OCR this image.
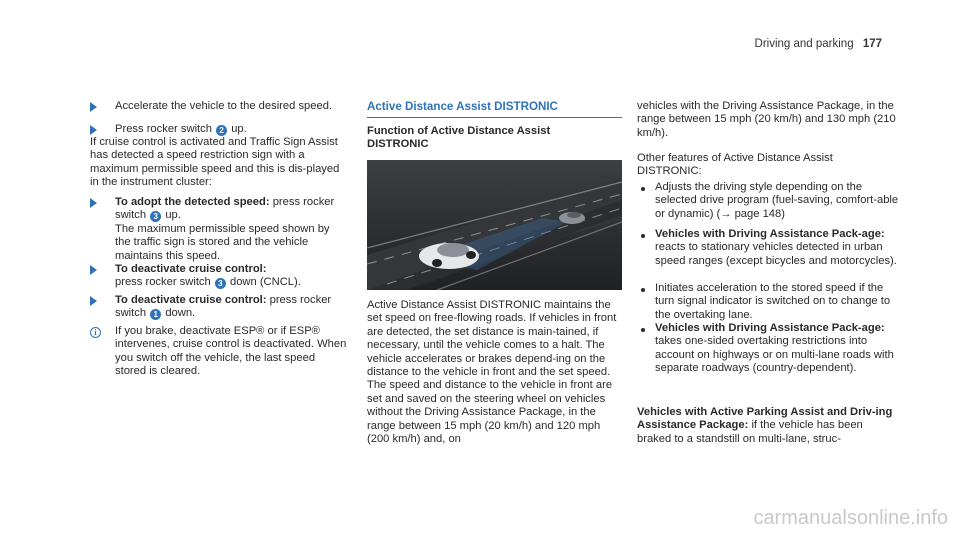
Driving and parking 177
Accelerate the vehicle to the desired speed.
Press rocker switch 2 up.
If cruise control is activated and Traffic Sign Assist has detected a speed restriction sign with a maximum permissible speed and this is dis-played in the instrument cluster:
To adopt the detected speed: press rocker
switch 3 up.
The maximum permissible speed shown by the traffic sign is stored and the vehicle maintains this speed.
To deactivate cruise control:
press rocker switch 3 down (CNCL).
To deactivate cruise control: press rocker
switch 1 down.
i	If you brake, deactivate ESP® or if ESP® intervenes, cruise control is deactivated. When you switch off the vehicle, the last speed stored is cleared.
Active Distance Assist DISTRONIC
Function of Active Distance Assist DISTRONIC
Active Distance Assist DISTRONIC maintains the set speed on free-flowing roads. If vehicles in front are detected, the set distance is main-tained, if necessary, until the vehicle comes to a halt. The vehicle accelerates or brakes depend-ing on the distance to the vehicle in front and the set speed. The speed and distance to the vehicle in front are set and saved on the steering wheel on vehicles without the Driving Assistance Package, in the range between 15 mph (20 km/h) and 120 mph (200 km/h) and, on
vehicles with the Driving Assistance Package, in the range between 15 mph (20 km/h) and 130 mph (210 km/h).
Other features of Active Distance Assist DISTRONIC:
Adjusts the driving style depending on the selected drive program (fuel-saving, comfort-able or dynamic) (→ page 148)
Vehicles with Driving Assistance Pack-age: reacts to stationary vehicles detected in urban speed ranges (except bicycles and motorcycles).
Initiates acceleration to the stored speed if the turn signal indicator is switched on to change to the overtaking lane.
Vehicles with Driving Assistance Pack-age: takes one-sided overtaking restrictions into account on highways or on multi-lane roads with separate roadways (country-dependent).
Vehicles with Active Parking Assist and Driv-ing Assistance Package: if the vehicle has been braked to a standstill on multi-lane, struc-
carmanualsonline.info
